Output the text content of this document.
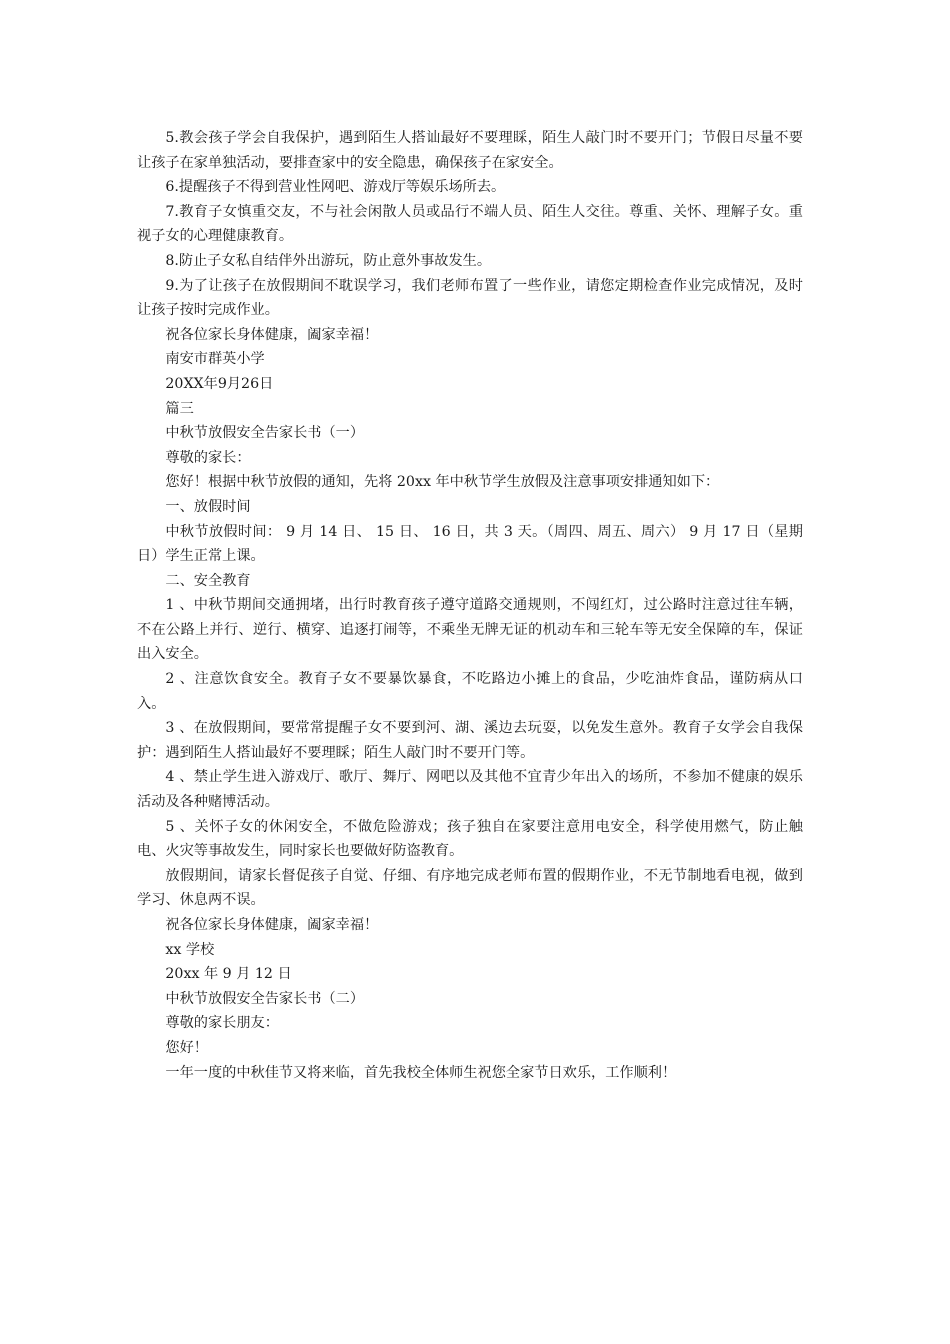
5.教会孩子学会自我保护，遇到陌生人搭讪最好不要理睬，陌生人敲门时不要开门；节假日尽量不要让孩子在家单独活动，要排查家中的安全隐患，确保孩子在家安全。

6.提醒孩子不得到营业性网吧、游戏厅等娱乐场所去。

7.教育子女慎重交友，不与社会闲散人员或品行不端人员、陌生人交往。尊重、关怀、理解子女。重视子女的心理健康教育。

8.防止子女私自结伴外出游玩，防止意外事故发生。

9.为了让孩子在放假期间不耽误学习，我们老师布置了一些作业，请您定期检查作业完成情况，及时让孩子按时完成作业。

祝各位家长身体健康，阖家幸福！

南安市群英小学

20XX年9月26日

篇三

中秋节放假安全告家长书（一）

尊敬的家长：

您好！根据中秋节放假的通知，先将 20xx 年中秋节学生放假及注意事项安排通知如下：

一、放假时间

中秋节放假时间： 9 月 14 日、 15 日、 16 日，共 3 天。（周四、周五、周六） 9 月 17 日（星期日）学生正常上课。

二、安全教育

1 、中秋节期间交通拥堵，出行时教育孩子遵守道路交通规则，不闯红灯，过公路时注意过往车辆，不在公路上并行、逆行、横穿、追逐打闹等，不乘坐无牌无证的机动车和三轮车等无安全保障的车，保证出入安全。

2 、注意饮食安全。教育子女不要暴饮暴食，不吃路边小摊上的食品，少吃油炸食品，谨防病从口入。

3 、在放假期间，要常常提醒子女不要到河、湖、溪边去玩耍，以免发生意外。教育子女学会自我保护：遇到陌生人搭讪最好不要理睬；陌生人敲门时不要开门等。

4 、禁止学生进入游戏厅、歌厅、舞厅、网吧以及其他不宜青少年出入的场所，不参加不健康的娱乐活动及各种赌博活动。

5 、关怀子女的休闲安全，不做危险游戏；孩子独自在家要注意用电安全，科学使用燃气，防止触电、火灾等事故发生，同时家长也要做好防盗教育。

放假期间，请家长督促孩子自觉、仔细、有序地完成老师布置的假期作业，不无节制地看电视，做到学习、休息两不误。

祝各位家长身体健康，阖家幸福！

xx 学校

20xx 年 9 月 12 日

中秋节放假安全告家长书（二）

尊敬的家长朋友：

您好！

一年一度的中秋佳节又将来临，首先我校全体师生祝您全家节日欢乐，工作顺利！
